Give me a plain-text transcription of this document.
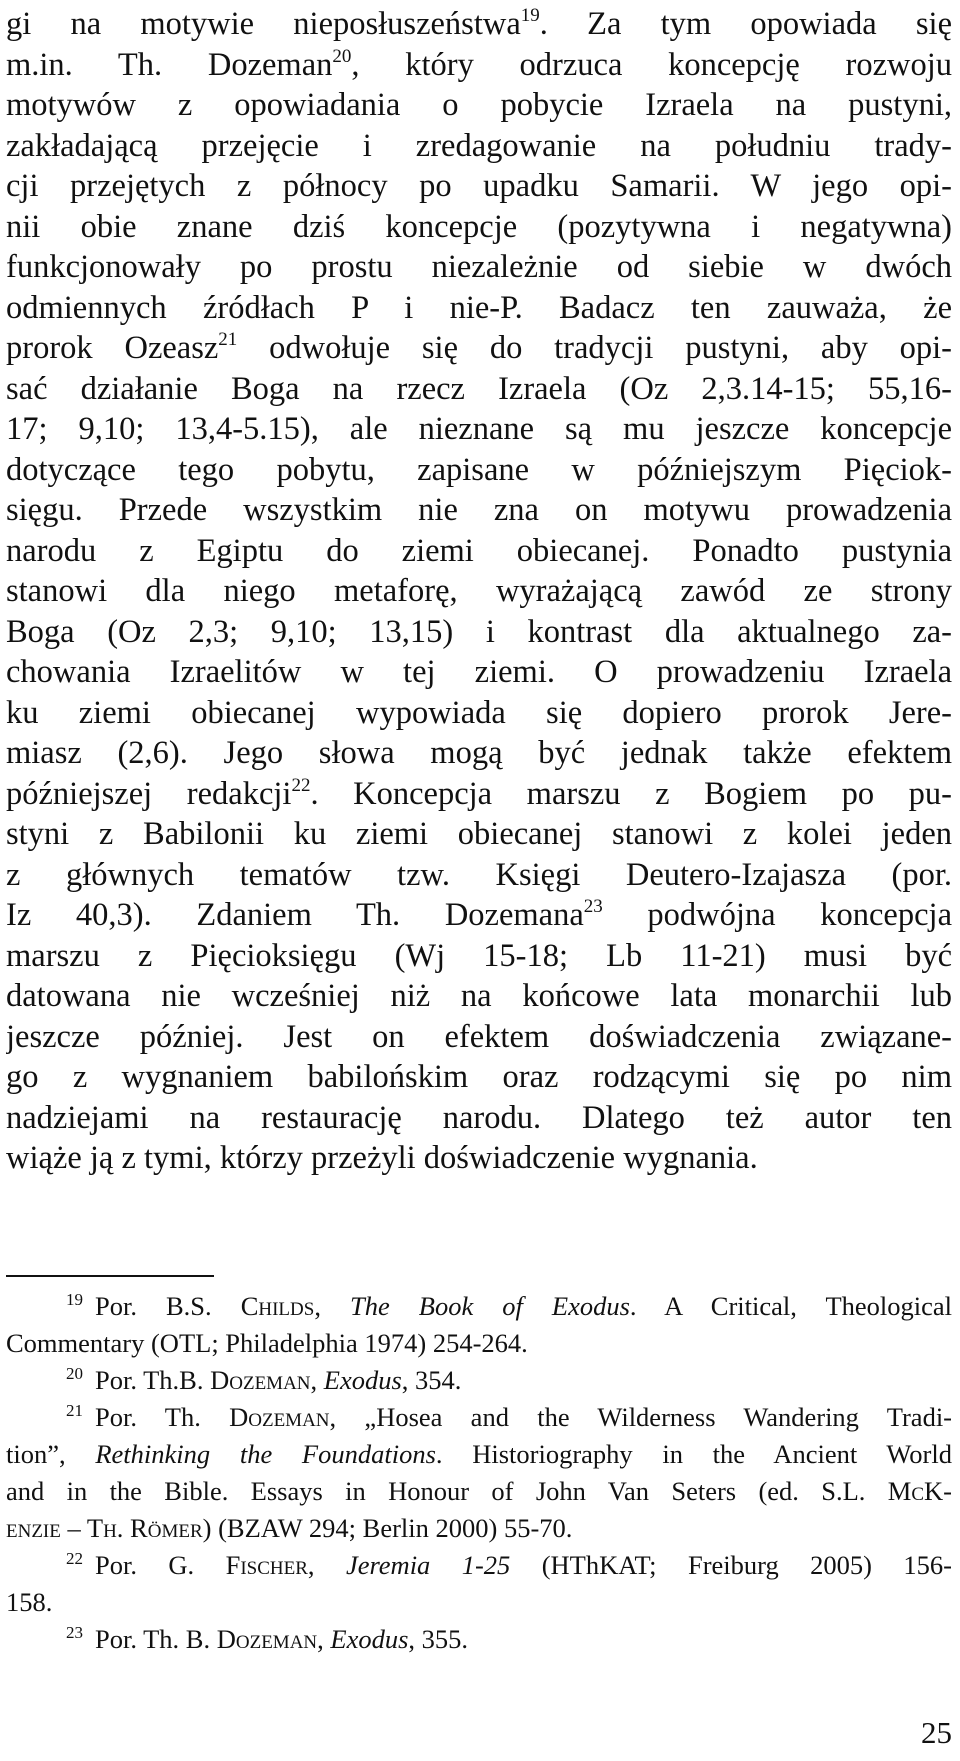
gi na motywie nieposłuszeństwa$^{19}$. Za tym opowiada się
m.in. Th. Dozeman$^{20}$, który odrzuca koncepcję rozwoju
motywów z opowiadania o pobycie Izraela na pustyni,
zakładającą przejęcie i zredagowanie na południu trady-
cji przejętych z północy po upadku Samarii. W jego opi-
nii obie znane dziś koncepcje (pozytywna i negatywna)
funkcjonowały po prostu niezależnie od siebie w dwóch
odmiennych źródłach P i nie-P. Badacz ten zauważa, że
prorok Ozeasz$^{21}$ odwołuje się do tradycji pustyni, aby opi-
sać działanie Boga na rzecz Izraela (Oz 2,3.14-15; 55,16-
17; 9,10; 13,4-5.15), ale nieznane są mu jeszcze koncepcje
dotyczące tego pobytu, zapisane w późniejszym Pięciok-
sięgu. Przede wszystkim nie zna on motywu prowadzenia
narodu z Egiptu do ziemi obiecanej. Ponadto pustynia
stanowi dla niego metaforę, wyrażającą zawód ze strony
Boga (Oz 2,3; 9,10; 13,15) i kontrast dla aktualnego za-
chowania Izraelitów w tej ziemi. O prowadzeniu Izraela
ku ziemi obiecanej wypowiada się dopiero prorok Jere-
miasz (2,6). Jego słowa mogą być jednak także efektem
późniejszej redakcji$^{22}$. Koncepcja marszu z Bogiem po pu-
styni z Babilonii ku ziemi obiecanej stanowi z kolei jeden
z głównych tematów tzw. Księgi Deutero-Izajasza (por.
Iz 40,3). Zdaniem Th. Dozemana$^{23}$ podwójna koncepcja
marszu z Pięcioksięgu (Wj 15-18; Lb 11-21) musi być
datowana nie wcześniej niż na końcowe lata monarchii lub
jeszcze później. Jest on efektem doświadczenia związane-
go z wygnaniem babilońskim oraz rodzącymi się po nim
nadziejami na restaurację narodu. Dlatego też autor ten
wiąże ją z tymi, którzy przeżyli doświadczenie wygnania.
$^{19}$ Por. B.S. Childs, The Book of Exodus. A Critical, Theological
Commentary (OTL; Philadelphia 1974) 254-264.
$^{20}$ Por. Th.B. Dozeman, Exodus, 354.
$^{21}$ Por. Th. Dozeman, „Hosea and the Wilderness Wandering Tradi-
tion”, Rethinking the Foundations. Historiography in the Ancient World
and in the Bible. Essays in Honour of John Van Seters (ed. S.L. McK-
enzie – Th. Römer) (BZAW 294; Berlin 2000) 55-70.
$^{22}$ Por. G. Fischer, Jeremia 1-25 (HThKAT; Freiburg 2005) 156-
158.
$^{23}$ Por. Th. B. Dozeman, Exodus, 355.
25
